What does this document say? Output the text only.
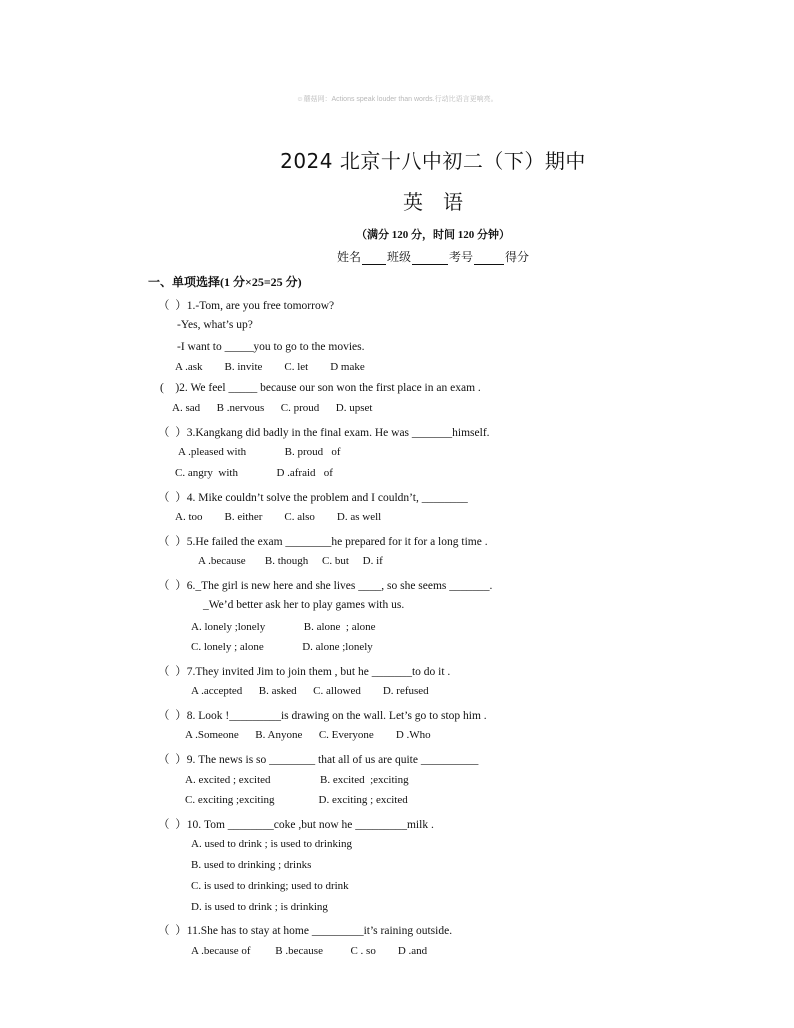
☺蘑菇网：Actions speak louder than words.行动比语言更响亮。
2024 北京十八中初二（下）期中
英　语
（满分 120 分，时间 120 分钟）
姓名 班级	考号	得分
一、单项选择(1 分×25=25 分)
（  ）1.-Tom, are you free tomorrow?
-Yes, what’s up?
-I want to _____you to go to the movies.
A .ask        B. invite        C. let        D make
(    )2. We feel _____ because our son won the first place in an exam .
A. sad      B .nervous      C. proud      D. upset
（  ）3.Kangkang did badly in the final exam. He was _______himself.
A .pleased with              B. proud   of
C. angry  with              D .afraid   of
（  ）4. Mike couldn’t solve the problem and I couldn’t, ________
A. too        B. either        C. also        D. as well
（  ）5.He failed the exam ________he prepared for it for a long time .
A .because       B. though     C. but     D. if
（  ）6._The girl is new here and she lives ____, so she seems _______.
_We’d better ask her to play games with us.
A. lonely ;lonely              B. alone  ; alone
C. lonely ; alone              D. alone ;lonely
（  ）7.They invited Jim to join them , but he _______to do it .
A .accepted      B. asked      C. allowed        D. refused
（  ）8. Look !_________is drawing on the wall. Let’s go to stop him .
A .Someone      B. Anyone      C. Everyone        D .Who
（  ）9. The news is so ________ that all of us are quite __________
A. excited ; excited                  B. excited  ;exciting
C. exciting ;exciting                D. exciting ; excited
（  ）10. Tom ________coke ,but now he _________milk .
A. used to drink ; is used to drinking
B. used to drinking ; drinks
C. is used to drinking; used to drink
D. is used to drink ; is drinking
（  ）11.She has to stay at home _________it’s raining outside.
A .because of         B .because          C . so        D .and
